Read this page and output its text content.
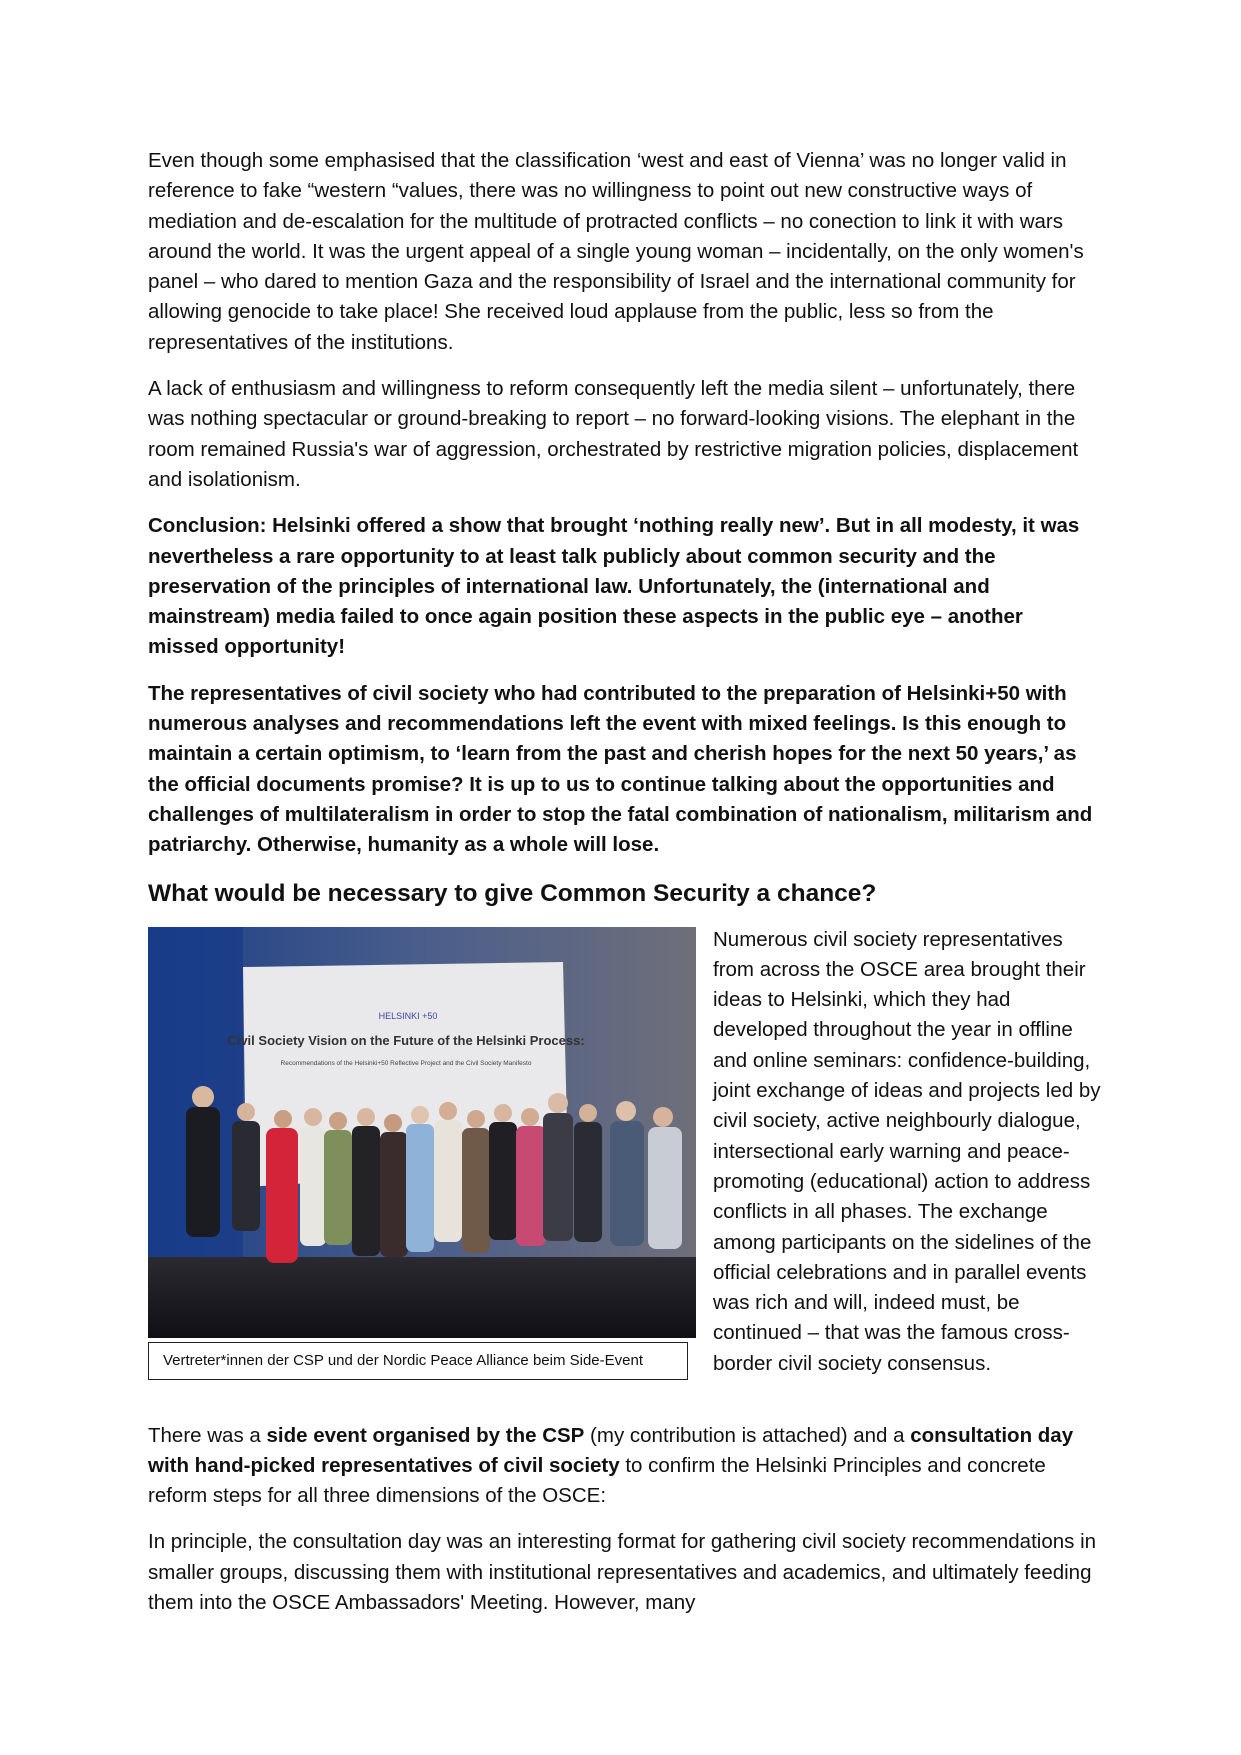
Even though some emphasised that the classification ‘west and east of Vienna’ was no longer valid in reference to fake “western “values, there was no willingness to point out new constructive ways of mediation and de-escalation for the multitude of protracted conflicts – no conection to link it with wars around the world. It was the urgent appeal of a single young woman – incidentally, on the only women's panel – who dared to mention Gaza and the responsibility of Israel and the international community for allowing genocide to take place! She received loud applause from the public, less so from the representatives of the institutions.

A lack of enthusiasm and willingness to reform consequently left the media silent – unfortunately, there was nothing spectacular or ground-breaking to report – no forward-looking visions. The elephant in the room remained Russia's war of aggression, orchestrated by restrictive migration policies, displacement and isolationism.

Conclusion: Helsinki offered a show that brought ‘nothing really new’. But in all modesty, it was nevertheless a rare opportunity to at least talk publicly about common security and the preservation of the principles of international law. Unfortunately, the (international and mainstream) media failed to once again position these aspects in the public eye – another missed opportunity!

The representatives of civil society who had contributed to the preparation of Helsinki+50 with numerous analyses and recommendations left the event with mixed feelings. Is this enough to maintain a certain optimism, to ‘learn from the past and cherish hopes for the next 50 years,’ as the official documents promise? It is up to us to continue talking about the opportunities and challenges of multilateralism in order to stop the fatal combination of nationalism, militarism and patriarchy. Otherwise, humanity as a whole will lose.

What would be necessary to give Common Security a chance?
HELSINKI +50
Civil Society Vision on the Future of the Helsinki Process:
Recommendations of the Helsinki+50 Reflective Project and the Civil Society Manifesto
Vertreter*innen der CSP und der Nordic Peace Alliance beim Side-Event

Numerous civil society representatives from across the OSCE area brought their ideas to Helsinki, which they had developed throughout the year in offline and online seminars: confidence-building, joint exchange of ideas and projects led by civil society, active neighbourly dialogue, intersectional early warning and peace-promoting (educational) action to address conflicts in all phases. The exchange among participants on the sidelines of the official celebrations and in parallel events was rich and will, indeed must, be continued – that was the famous cross-border civil society consensus.

There was a side event organised by the CSP (my contribution is attached) and a consultation day with hand-picked representatives of civil society to confirm the Helsinki Principles and concrete reform steps for all three dimensions of the OSCE:

In principle, the consultation day was an interesting format for gathering civil society recommendations in smaller groups, discussing them with institutional representatives and academics, and ultimately feeding them into the OSCE Ambassadors' Meeting. However, many
